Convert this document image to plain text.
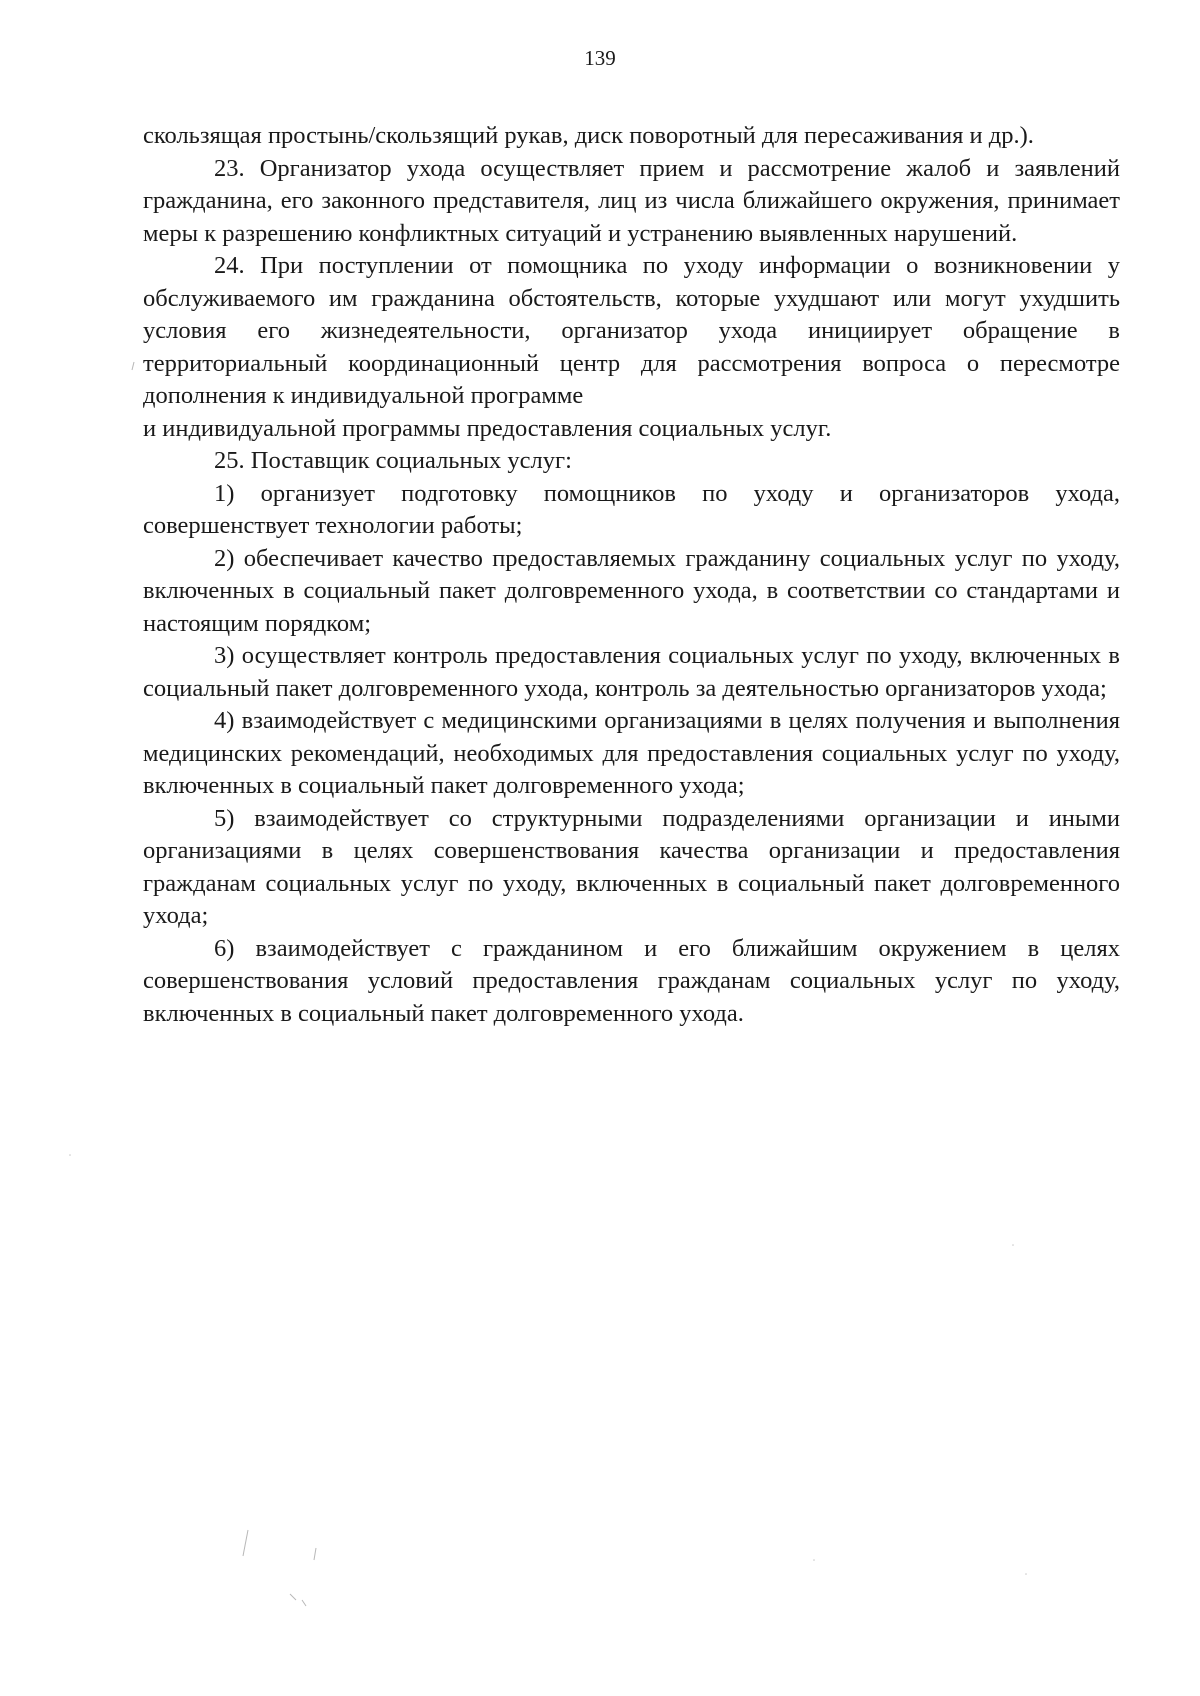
139

скользящая простынь/скользящий рукав, диск поворотный для пересаживания и др.).

23. Организатор ухода осуществляет прием и рассмотрение жалоб и заявлений гражданина, его законного представителя, лиц из числа ближайшего окружения, принимает меры к разрешению конфликтных ситуаций и устранению выявленных нарушений.

24. При поступлении от помощника по уходу информации о возникновении у обслуживаемого им гражданина обстоятельств, которые ухудшают или могут ухудшить условия его жизнедеятельности, организатор ухода инициирует обращение в территориальный координационный центр для рассмотрения вопроса о пересмотре дополнения к индивидуальной программе

и индивидуальной программы предоставления социальных услуг.

25. Поставщик социальных услуг:

1) организует подготовку помощников по уходу и организаторов ухода, совершенствует технологии работы;

2) обеспечивает качество предоставляемых гражданину социальных услуг по уходу, включенных в социальный пакет долговременного ухода, в соответствии со стандартами и настоящим порядком;

3) осуществляет контроль предоставления социальных услуг по уходу, включенных в социальный пакет долговременного ухода, контроль за деятельностью организаторов ухода;

4) взаимодействует с медицинскими организациями в целях получения и выполнения медицинских рекомендаций, необходимых для предоставления социальных услуг по уходу, включенных в социальный пакет долговременного ухода;

5) взаимодействует со структурными подразделениями организации и иными организациями в целях совершенствования качества организации и предоставления гражданам социальных услуг по уходу, включенных в социальный пакет долговременного ухода;

6) взаимодействует с гражданином и его ближайшим окружением в целях совершенствования условий предоставления гражданам социальных услуг по уходу, включенных в социальный пакет долговременного ухода.
